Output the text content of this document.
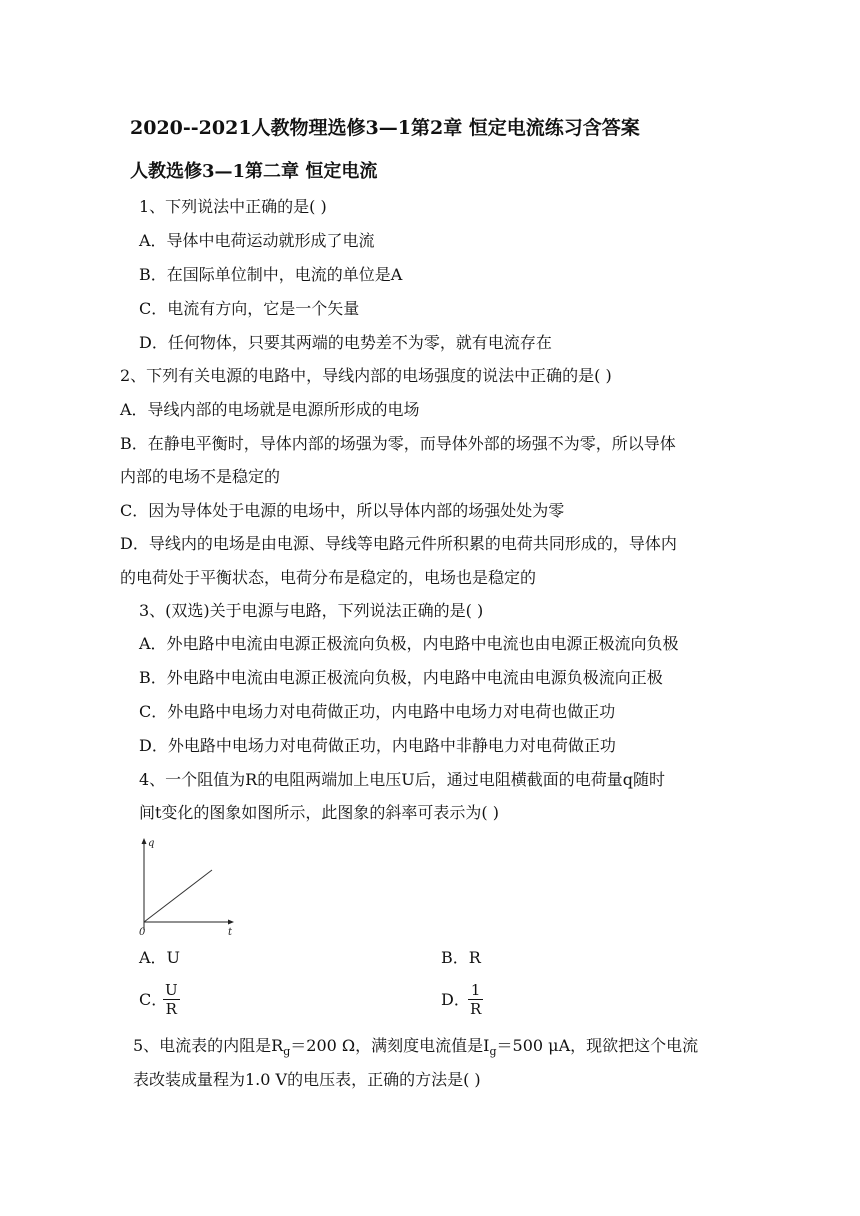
2020--2021人教物理选修3—1第2章 恒定电流练习含答案
人教选修3—1第二章 恒定电流
1、下列说法中正确的是( )
A．导体中电荷运动就形成了电流
B．在国际单位制中，电流的单位是A
C．电流有方向，它是一个矢量
D．任何物体，只要其两端的电势差不为零，就有电流存在
2、下列有关电源的电路中，导线内部的电场强度的说法中正确的是( )
A．导线内部的电场就是电源所形成的电场
B．在静电平衡时，导体内部的场强为零，而导体外部的场强不为零，所以导体
内部的电场不是稳定的
C．因为导体处于电源的电场中，所以导体内部的场强处处为零
D．导线内的电场是由电源、导线等电路元件所积累的电荷共同形成的，导体内
的电荷处于平衡状态，电荷分布是稳定的，电场也是稳定的
3、(双选)关于电源与电路，下列说法正确的是( )
A．外电路中电流由电源正极流向负极，内电路中电流也由电源正极流向负极
B．外电路中电流由电源正极流向负极，内电路中电流由电源负极流向正极
C．外电路中电场力对电荷做正功，内电路中电场力对电荷也做正功
D．外电路中电场力对电荷做正功，内电路中非静电力对电荷做正功
4、一个阻值为R的电阻两端加上电压U后，通过电阻横截面的电荷量q随时
间t变化的图象如图所示，此图象的斜率可表示为( )
q
t
0
A．U	B．R
C．
$\frac{U}{R}$	D．
$\frac{1}{R}$
5、电流表的内阻是$R_g=200$ Ω，满刻度电流值是$I_g=500$ μA，现欲把这个电流
表改装成量程为1.0 V的电压表，正确的方法是( )
